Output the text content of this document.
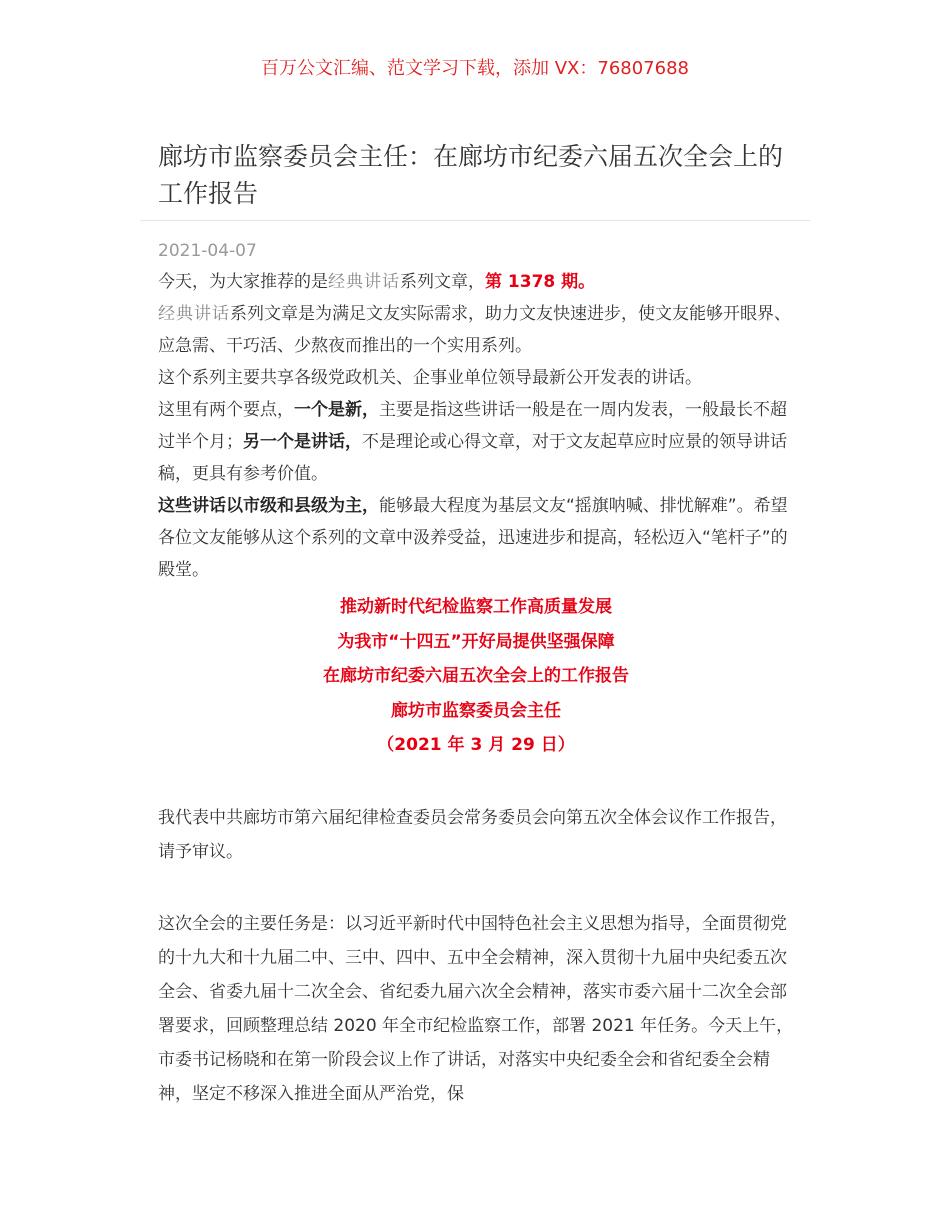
百万公文汇编、范文学习下载，添加 VX：76807688
廊坊市监察委员会主任：在廊坊市纪委六届五次全会上的工作报告
2021-04-07

今天，为大家推荐的是经典讲话系列文章，第 1378 期。

经典讲话系列文章是为满足文友实际需求，助力文友快速进步，使文友能够开眼界、应急需、干巧活、少熬夜而推出的一个实用系列。

这个系列主要共享各级党政机关、企事业单位领导最新公开发表的讲话。

这里有两个要点，一个是新，主要是指这些讲话一般是在一周内发表，一般最长不超过半个月；另一个是讲话，不是理论或心得文章，对于文友起草应时应景的领导讲话稿，更具有参考价值。

这些讲话以市级和县级为主，能够最大程度为基层文友“摇旗呐喊、排忧解难”。希望各位文友能够从这个系列的文章中汲养受益，迅速进步和提高，轻松迈入“笔杆子”的殿堂。

推动新时代纪检监察工作高质量发展

为我市“十四五”开好局提供坚强保障

在廊坊市纪委六届五次全会上的工作报告

廊坊市监察委员会主任

（2021 年 3 月 29 日）

我代表中共廊坊市第六届纪律检查委员会常务委员会向第五次全体会议作工作报告，请予审议。

这次全会的主要任务是：以习近平新时代中国特色社会主义思想为指导，全面贯彻党的十九大和十九届二中、三中、四中、五中全会精神，深入贯彻十九届中央纪委五次全会、省委九届十二次全会、省纪委九届六次全会精神，落实市委六届十二次全会部署要求，回顾整理总结 2020 年全市纪检监察工作，部署 2021 年任务。今天上午，市委书记杨晓和在第一阶段会议上作了讲话，对落实中央纪委全会和省纪委全会精神，坚定不移深入推进全面从严治党，保
